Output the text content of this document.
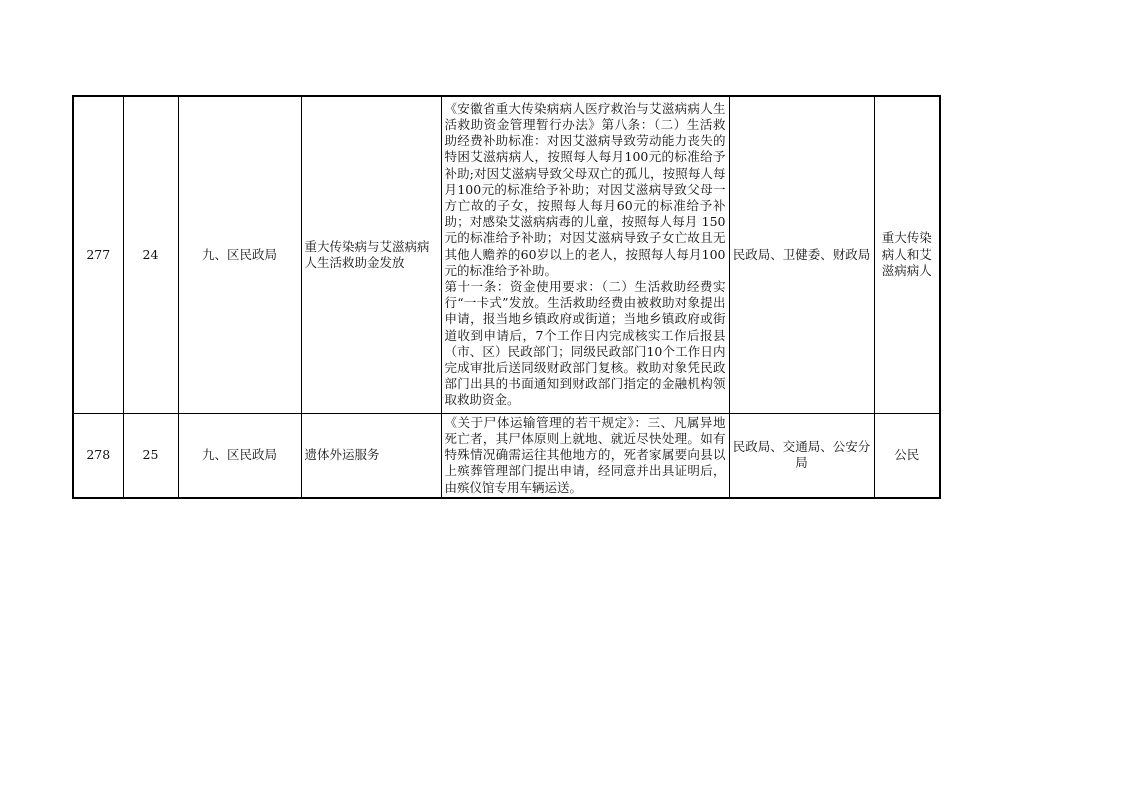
277	24	九、区民政局	重大传染病与艾滋病病人生活救助金发放	《安徽省重大传染病病人医疗救治与艾滋病病人生活救助资金管理暂行办法》第八条：（二）生活救助经费补助标准：对因艾滋病导致劳动能力丧失的特困艾滋病病人，按照每人每月100元的标准给予补助;对因艾滋病导致父母双亡的孤儿，按照每人每月100元的标准给予补助；对因艾滋病导致父母一方亡故的子女，按照每人每月60元的标准给予补助；对感染艾滋病病毒的儿童，按照每人每月 150元的标准给予补助；对因艾滋病导致子女亡故且无其他人赡养的60岁以上的老人，按照每人每月100元的标准给予补助。
第十一条：资金使用要求：（二）生活救助经费实行“一卡式”发放。生活救助经费由被救助对象提出申请，报当地乡镇政府或街道；当地乡镇政府或街道收到申请后，7个工作日内完成核实工作后报县（市、区）民政部门；同级民政部门10个工作日内完成审批后送同级财政部门复核。救助对象凭民政部门出具的书面通知到财政部门指定的金融机构领取救助资金。	民政局、卫健委、财政局	重大传染病人和艾滋病病人
278	25	九、区民政局	遗体外运服务	《关于尸体运输管理的若干规定》：三、凡属异地死亡者，其尸体原则上就地、就近尽快处理。如有特殊情况确需运往其他地方的，死者家属要向县以上殡葬管理部门提出申请，经同意并出具证明后，由殡仪馆专用车辆运送。	民政局、交通局、公安分局	公民
